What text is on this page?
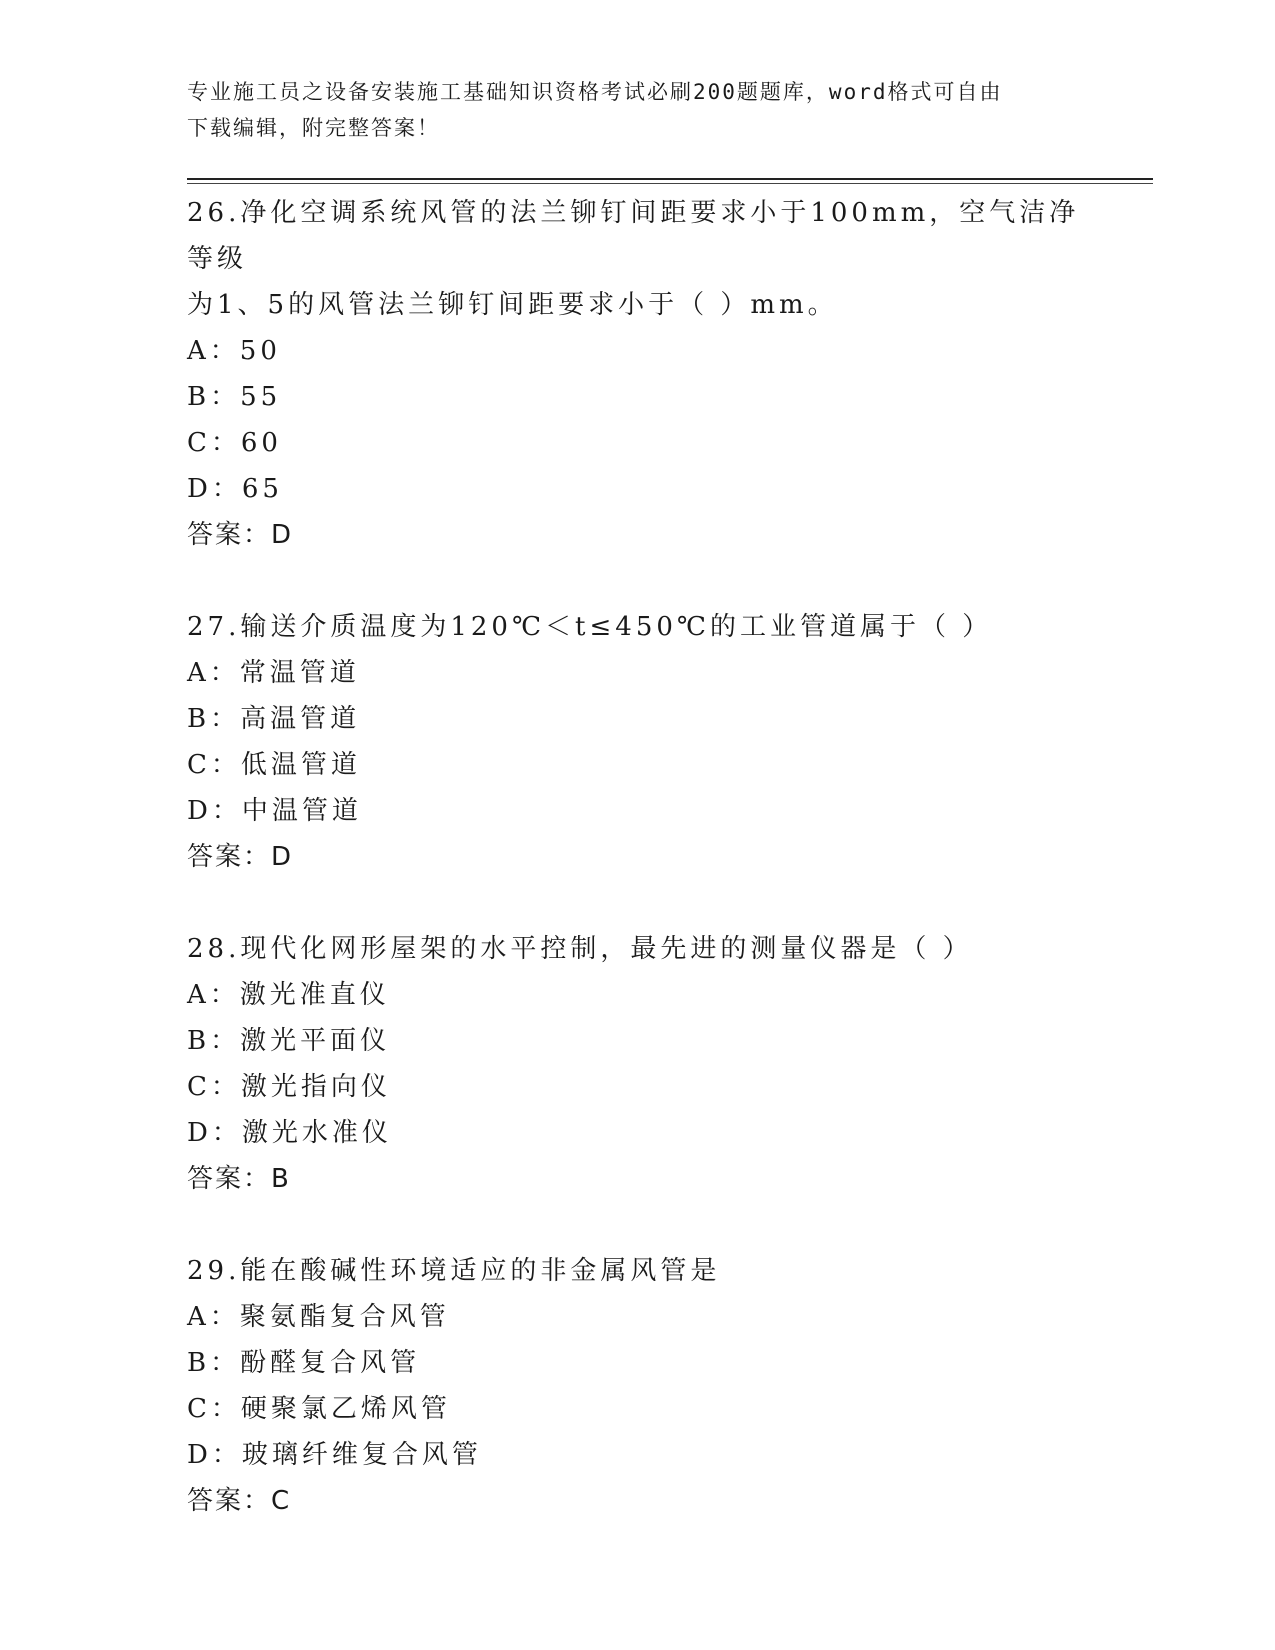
专业施工员之设备安装施工基础知识资格考试必刷200题题库，word格式可自由
下载编辑，附完整答案！

26.净化空调系统风管的法兰铆钉间距要求小于100mm，空气洁净等级

为1、5的风管法兰铆钉间距要求小于（ ）mm。

A：50

B：55

C：60

D：65

答案：D

27.输送介质温度为120℃＜t≤450℃的工业管道属于（ ）

A：常温管道

B：高温管道

C：低温管道

D：中温管道

答案：D

28.现代化网形屋架的水平控制，最先进的测量仪器是（ ）

A：激光准直仪

B：激光平面仪

C：激光指向仪

D：激光水准仪

答案：B

29.能在酸碱性环境适应的非金属风管是

A：聚氨酯复合风管

B：酚醛复合风管

C：硬聚氯乙烯风管

D：玻璃纤维复合风管

答案：C
